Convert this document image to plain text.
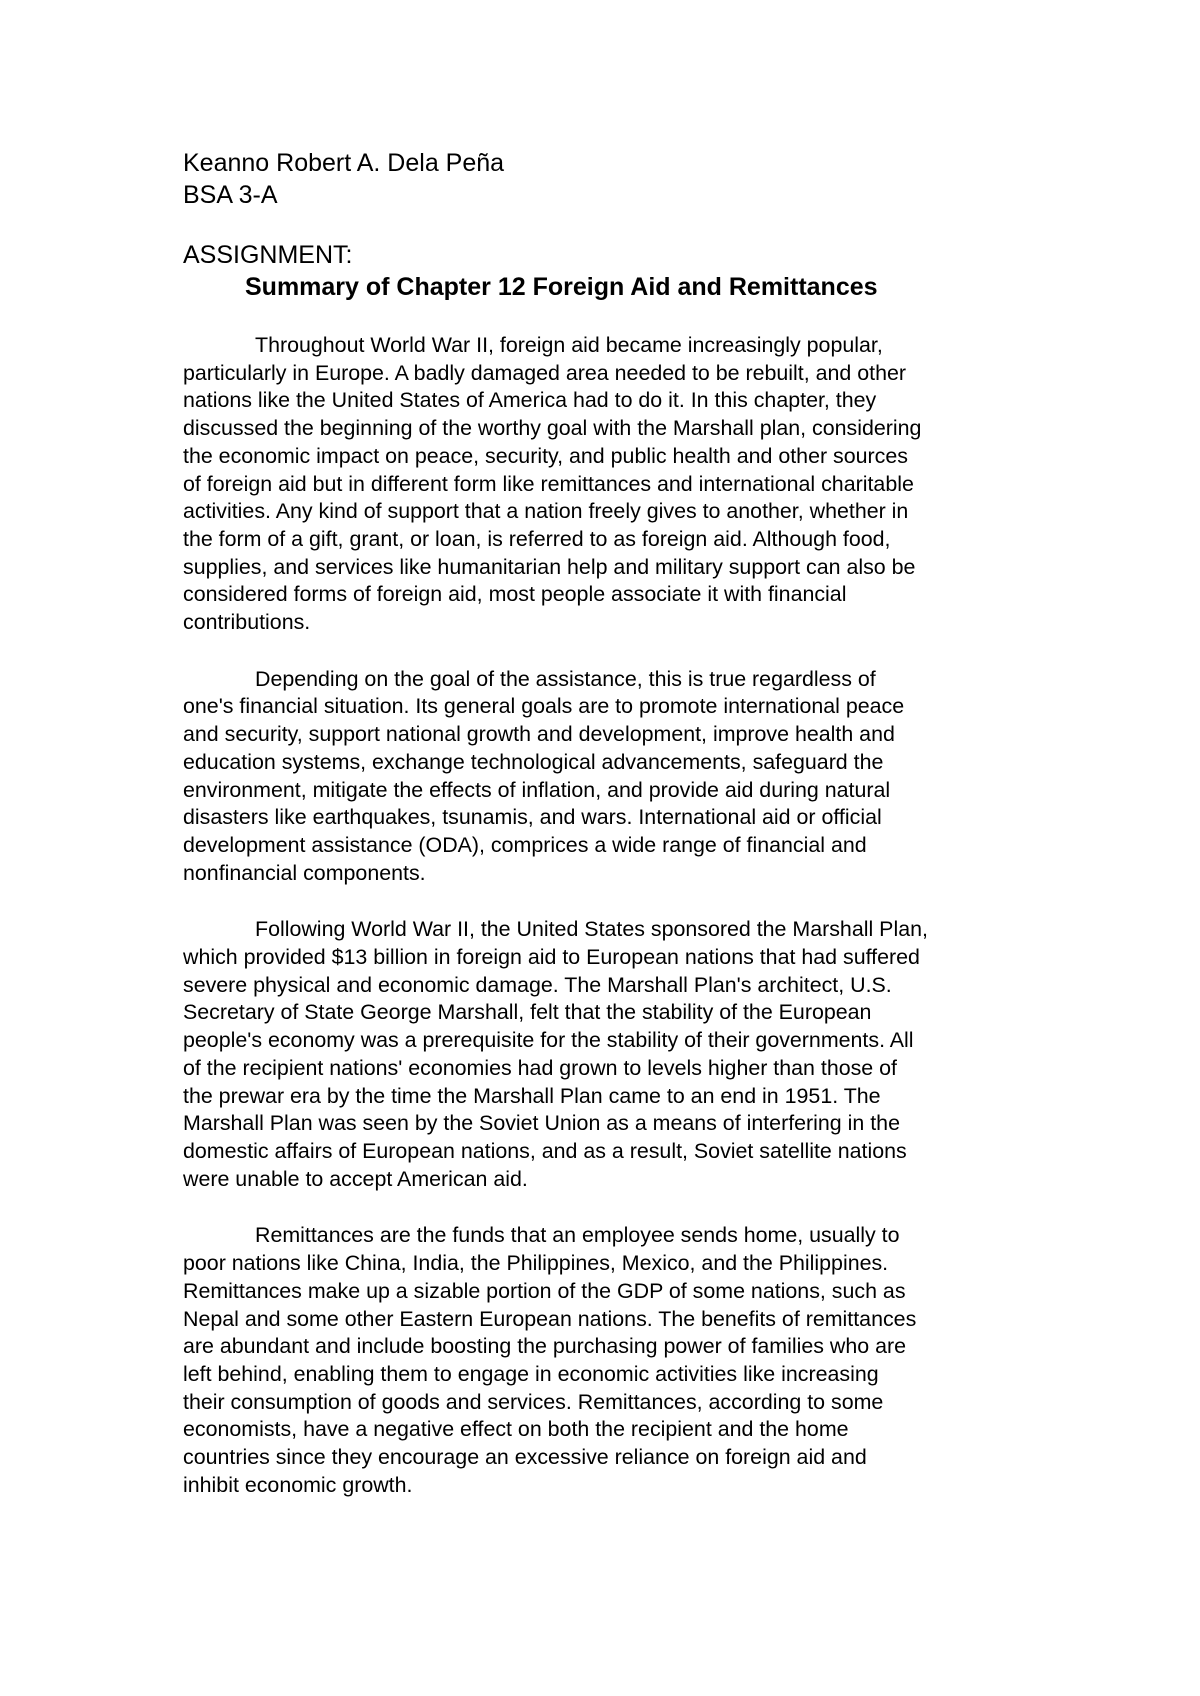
Keanno Robert A. Dela Peña

BSA 3-A

ASSIGNMENT:

Summary of Chapter 12 Foreign Aid and Remittances

Throughout World War II, foreign aid became increasingly popular,

particularly in Europe. A badly damaged area needed to be rebuilt, and other

nations like the United States of America had to do it. In this chapter, they

discussed the beginning of the worthy goal with the Marshall plan, considering

the economic impact on peace, security, and public health and other sources

of foreign aid but in different form like remittances and international charitable

activities. Any kind of support that a nation freely gives to another, whether in

the form of a gift, grant, or loan, is referred to as foreign aid. Although food,

supplies, and services like humanitarian help and military support can also be

considered forms of foreign aid, most people associate it with financial

contributions.

Depending on the goal of the assistance, this is true regardless of

one's financial situation. Its general goals are to promote international peace

and security, support national growth and development, improve health and

education systems, exchange technological advancements, safeguard the

environment, mitigate the effects of inflation, and provide aid during natural

disasters like earthquakes, tsunamis, and wars. International aid or official

development assistance (ODA), comprices a wide range of financial and

nonfinancial components.

Following World War II, the United States sponsored the Marshall Plan,

which provided $13 billion in foreign aid to European nations that had suffered

severe physical and economic damage. The Marshall Plan's architect, U.S.

Secretary of State George Marshall, felt that the stability of the European

people's economy was a prerequisite for the stability of their governments. All

of the recipient nations' economies had grown to levels higher than those of

the prewar era by the time the Marshall Plan came to an end in 1951. The

Marshall Plan was seen by the Soviet Union as a means of interfering in the

domestic affairs of European nations, and as a result, Soviet satellite nations

were unable to accept American aid.

Remittances are the funds that an employee sends home, usually to

poor nations like China, India, the Philippines, Mexico, and the Philippines.

Remittances make up a sizable portion of the GDP of some nations, such as

Nepal and some other Eastern European nations. The benefits of remittances

are abundant and include boosting the purchasing power of families who are

left behind, enabling them to engage in economic activities like increasing

their consumption of goods and services. Remittances, according to some

economists, have a negative effect on both the recipient and the home

countries since they encourage an excessive reliance on foreign aid and

inhibit economic growth.
